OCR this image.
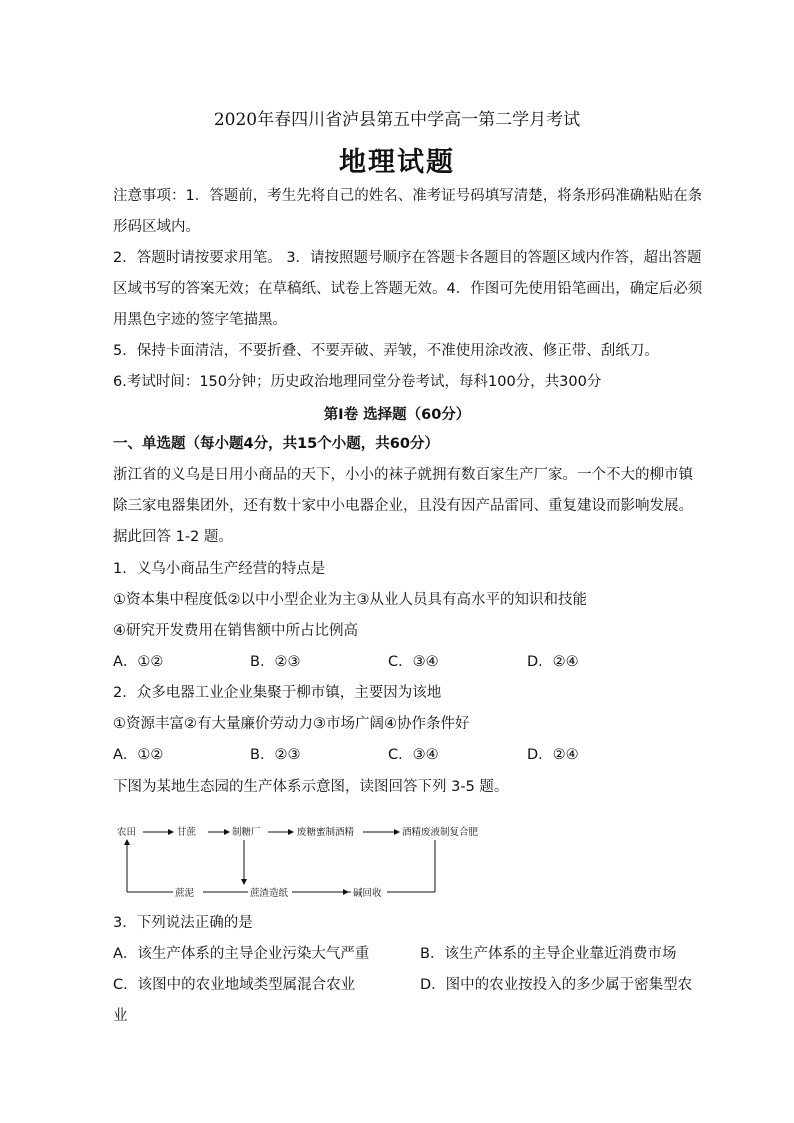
2020年春四川省泸县第五中学高一第二学月考试
地理试题
注意事项：1．答题前，考生先将自己的姓名、准考证号码填写清楚，将条形码准确粘贴在条
形码区域内。
2．答题时请按要求用笔。 3．请按照题号顺序在答题卡各题目的答题区域内作答，超出答题
区域书写的答案无效；在草稿纸、试卷上答题无效。4．作图可先使用铅笔画出，确定后必须
用黑色字迹的签字笔描黑。
5．保持卡面清洁，不要折叠、不要弄破、弄皱，不准使用涂改液、修正带、刮纸刀。
6.考试时间：150分钟；历史政治地理同堂分卷考试，每科100分，共300分
第Ⅰ卷 选择题（60分）
一、单选题（每小题4分，共15个小题，共60分）
浙江省的义乌是日用小商品的天下，小小的袜子就拥有数百家生产厂家。一个不大的柳市镇
除三家电器集团外，还有数十家中小电器企业，且没有因产品雷同、重复建设而影响发展。
据此回答 1-2 题。
1．义乌小商品生产经营的特点是
①资本集中程度低②以中小型企业为主③从业人员具有高水平的知识和技能
④研究开发费用在销售额中所占比例高
A．①②	B．②③	C．③④	D．②④
2．众多电器工业企业集聚于柳市镇，主要因为该地
①资源丰富②有大量廉价劳动力③市场广阔④协作条件好
A．①②	B．②③	C．③④	D．②④
下图为某地生态园的生产体系示意图，读图回答下列 3-5 题。
农田	甘蔗	制糖厂	废糖蜜制酒精	酒精废液制复合肥
蔗泥	蔗渣造纸	碱回收
3．下列说法正确的是
A．该生产体系的主导企业污染大气严重	B．该生产体系的主导企业靠近消费市场
C．该图中的农业地域类型属混合农业	D．图中的农业按投入的多少属于密集型农
业
